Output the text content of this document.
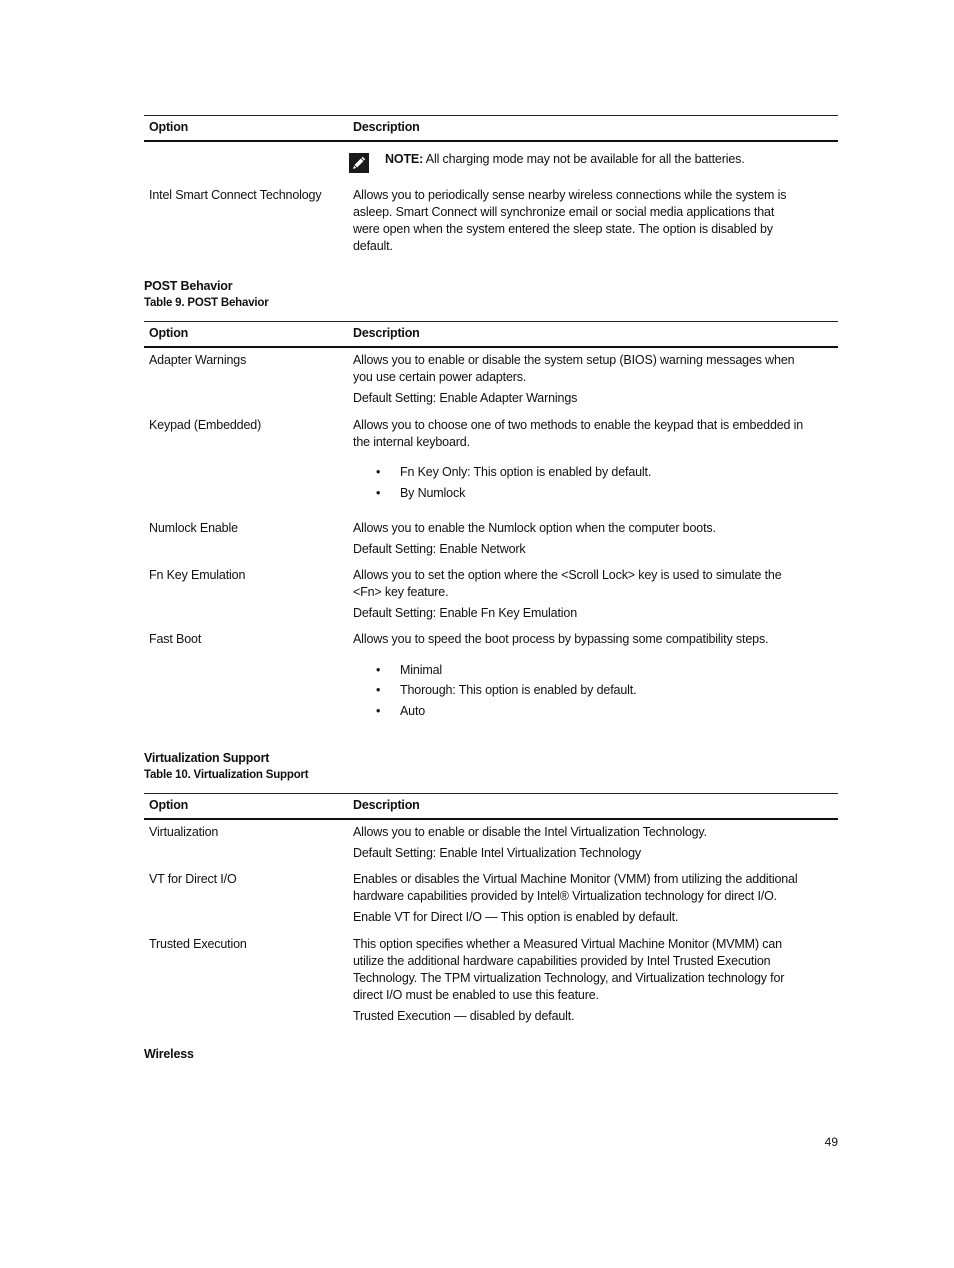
Option	Description
NOTE: All charging mode may not be available for all the batteries.
Intel Smart Connect Technology	Allows you to periodically sense nearby wireless connections while the system is
asleep. Smart Connect will synchronize email or social media applications that
were open when the system entered the sleep state. The option is disabled by
default.
POST Behavior
Table 9. POST Behavior
Option	Description
Adapter Warnings	Allows you to enable or disable the system setup (BIOS) warning messages when
you use certain power adapters.
Default Setting: Enable Adapter Warnings
Keypad (Embedded)	Allows you to choose one of two methods to enable the keypad that is embedded in
the internal keyboard.
• Fn Key Only: This option is enabled by default.
• By Numlock
Numlock Enable	Allows you to enable the Numlock option when the computer boots.
Default Setting: Enable Network
Fn Key Emulation	Allows you to set the option where the <Scroll Lock> key is used to simulate the
<Fn> key feature.
Default Setting: Enable Fn Key Emulation
Fast Boot	Allows you to speed the boot process by bypassing some compatibility steps.
• Minimal
• Thorough: This option is enabled by default.
• Auto
Virtualization Support
Table 10. Virtualization Support
Option	Description
Virtualization	Allows you to enable or disable the Intel Virtualization Technology.
Default Setting: Enable Intel Virtualization Technology
VT for Direct I/O	Enables or disables the Virtual Machine Monitor (VMM) from utilizing the additional
hardware capabilities provided by Intel® Virtualization technology for direct I/O.
Enable VT for Direct I/O — This option is enabled by default.
Trusted Execution	This option specifies whether a Measured Virtual Machine Monitor (MVMM) can
utilize the additional hardware capabilities provided by Intel Trusted Execution
Technology. The TPM virtualization Technology, and Virtualization technology for
direct I/O must be enabled to use this feature.
Trusted Execution — disabled by default.
Wireless
49
